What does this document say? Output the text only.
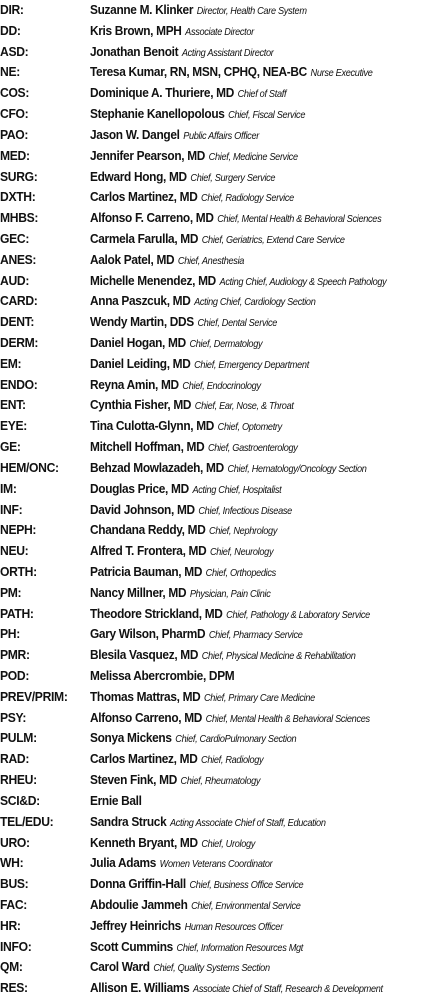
DIR:	Suzanne M. Klinker Director, Health Care System
DD:	Kris Brown, MPH Associate Director
ASD:	Jonathan Benoit Acting Assistant Director
NE:	Teresa Kumar, RN, MSN, CPHQ, NEA-BC Nurse Executive
COS:	Dominique A. Thuriere, MD Chief of Staff
CFO:	Stephanie Kanellopolous Chief, Fiscal Service
PAO:	Jason W. Dangel Public Affairs Officer
MED:	Jennifer Pearson, MD Chief, Medicine Service
SURG:	Edward Hong, MD Chief, Surgery Service
DXTH:	Carlos Martinez, MD Chief, Radiology Service
MHBS:	Alfonso F. Carreno, MD Chief, Mental Health & Behavioral Sciences
GEC:	Carmela Farulla, MD Chief, Geriatrics, Extend Care Service
ANES:	Aalok Patel, MD Chief, Anesthesia
AUD:	Michelle Menendez, MD Acting Chief, Audiology & Speech Pathology
CARD:	Anna Paszcuk, MD Acting Chief, Cardiology Section
DENT:	Wendy Martin, DDS Chief, Dental Service
DERM:	Daniel Hogan, MD Chief, Dermatology
EM:	Daniel Leiding, MD Chief, Emergency Department
ENDO:	Reyna Amin, MD Chief, Endocrinology
ENT:	Cynthia Fisher, MD Chief, Ear, Nose, & Throat
EYE:	Tina Culotta-Glynn, MD Chief, Optometry
GE:	Mitchell Hoffman, MD Chief, Gastroenterology
HEM/ONC:	Behzad Mowlazadeh, MD Chief, Hematology/Oncology Section
IM:	Douglas Price, MD Acting Chief, Hospitalist
INF:	David Johnson, MD Chief, Infectious Disease
NEPH:	Chandana Reddy, MD Chief, Nephrology
NEU:	Alfred T. Frontera, MD Chief, Neurology
ORTH:	Patricia Bauman, MD Chief, Orthopedics
PM:	Nancy Millner, MD Physician, Pain Clinic
PATH:	Theodore Strickland, MD Chief, Pathology & Laboratory Service
PH:	Gary Wilson, PharmD Chief, Pharmacy Service
PMR:	Blesila Vasquez, MD Chief, Physical Medicine & Rehabilitation
POD:	Melissa Abercrombie, DPM
PREV/PRIM:	Thomas Mattras, MD Chief, Primary Care Medicine
PSY:	Alfonso Carreno, MD Chief, Mental Health & Behavioral Sciences
PULM:	Sonya Mickens Chief, CardioPulmonary Section
RAD:	Carlos Martinez, MD Chief, Radiology
RHEU:	Steven Fink, MD Chief, Rheumatology
SCI&D:	Ernie Ball
TEL/EDU:	Sandra Struck Acting Associate Chief of Staff, Education
URO:	Kenneth Bryant, MD Chief, Urology
WH:	Julia Adams Women Veterans Coordinator
BUS:	Donna Griffin-Hall Chief, Business Office Service
FAC:	Abdoulie Jammeh Chief, Environmental Service
HR:	Jeffrey Heinrichs Human Resources Officer
INFO:	Scott Cummins Chief, Information Resources Mgt
QM:	Carol Ward Chief, Quality Systems Section
RES:	Allison E. Williams Associate Chief of Staff, Research & Development
